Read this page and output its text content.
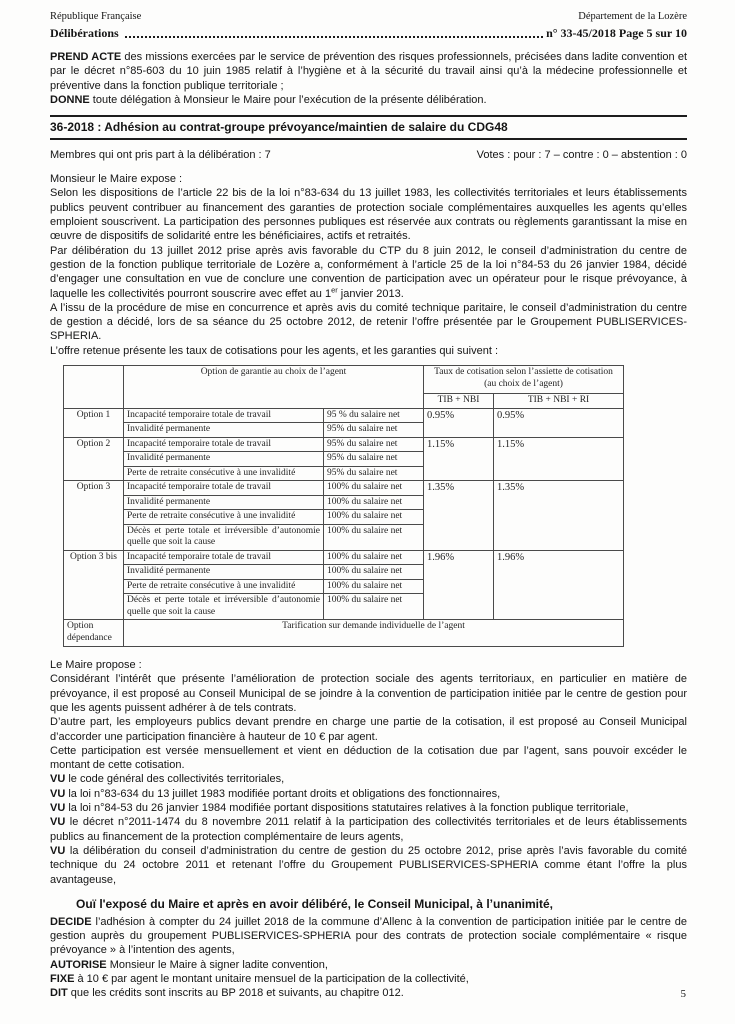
République Française	Département de la Lozère
Délibérations	n° 33-45/2018 Page 5 sur 10
PREND ACTE des missions exercées par le service de prévention des risques professionnels, précisées dans ladite convention et par le décret n°85-603 du 10 juin 1985 relatif à l’hygiène et à la sécurité du travail ainsi qu’à la médecine professionnelle et préventive dans la fonction publique territoriale ;
DONNE toute délégation à Monsieur le Maire pour l’exécution de la présente délibération.
36-2018 : Adhésion au contrat-groupe prévoyance/maintien de salaire du CDG48
Membres qui ont pris part à la délibération : 7	Votes : pour : 7 – contre : 0 – abstention : 0
Monsieur le Maire expose :
Selon les dispositions de l’article 22 bis de la loi n°83-634 du 13 juillet 1983, les collectivités territoriales et leurs établissements publics peuvent contribuer au financement des garanties de protection sociale complémentaires auxquelles les agents qu’elles emploient souscrivent. La participation des personnes publiques est réservée aux contrats ou règlements garantissant la mise en œuvre de dispositifs de solidarité entre les bénéficiaires, actifs et retraités.
Par délibération du 13 juillet 2012 prise après avis favorable du CTP du 8 juin 2012, le conseil d’administration du centre de gestion de la fonction publique territoriale de Lozère a, conformément à l’article 25 de la loi n°84-53 du 26 janvier 1984, décidé d’engager une consultation en vue de conclure une convention de participation avec un opérateur pour le risque prévoyance, à laquelle les collectivités pourront souscrire avec effet au 1er janvier 2013.
A l’issu de la procédure de mise en concurrence et après avis du comité technique paritaire, le conseil d’administration du centre de gestion a décidé, lors de sa séance du 25 octobre 2012, de retenir l’offre présentée par le Groupement PUBLISERVICES-SPHERIA.
L’offre retenue présente les taux de cotisations pour les agents, et les garanties qui suivent :
	Option de garantie au choix de l’agent		Taux de cotisation selon l’assiette de cotisation (au choix de l’agent)	
			TIB + NBI	TIB + NBI + RI
Option 1	Incapacité temporaire totale de travail	95 % du salaire net	0.95%	0.95%
	Invalidité permanente	95% du salaire net		
Option 2	Incapacité temporaire totale de travail	95% du salaire net	1.15%	1.15%
	Invalidité permanente	95% du salaire net		
	Perte de retraite consécutive à une invalidité	95% du salaire net		
Option 3	Incapacité temporaire totale de travail	100% du salaire net	1.35%	1.35%
	Invalidité permanente	100% du salaire net		
	Perte de retraite consécutive à une invalidité	100% du salaire net		
	Décès et perte totale et irréversible d’autonomie quelle que soit la cause	100% du salaire net		
Option 3 bis	Incapacité temporaire totale de travail	100% du salaire net	1.96%	1.96%
	Invalidité permanente	100% du salaire net		
	Perte de retraite consécutive à une invalidité	100% du salaire net		
	Décès et perte totale et irréversible d’autonomie quelle que soit la cause	100% du salaire net		
Option dépendance	Tarification sur demande individuelle de l’agent			
Le Maire propose :
Considérant l’intérêt que présente l’amélioration de protection sociale des agents territoriaux, en particulier en matière de prévoyance, il est proposé au Conseil Municipal de se joindre à la convention de participation initiée par le centre de gestion pour que les agents puissent adhérer à de tels contrats.
D’autre part, les employeurs publics devant prendre en charge une partie de la cotisation, il est proposé au Conseil Municipal d’accorder une participation financière à hauteur de 10 € par agent.
Cette participation est versée mensuellement et vient en déduction de la cotisation due par l’agent, sans pouvoir excéder le montant de cette cotisation.
VU le code général des collectivités territoriales,
VU la loi n°83-634 du 13 juillet 1983 modifiée portant droits et obligations des fonctionnaires,
VU la loi n°84-53 du 26 janvier 1984 modifiée portant dispositions statutaires relatives à la fonction publique territoriale,
VU le décret n°2011-1474 du 8 novembre 2011 relatif à la participation des collectivités territoriales et de leurs établissements publics au financement de la protection complémentaire de leurs agents,
VU la délibération du conseil d’administration du centre de gestion du 25 octobre 2012, prise après l’avis favorable du comité technique du 24 octobre 2011 et retenant l’offre du Groupement PUBLISERVICES-SPHERIA comme étant l’offre la plus avantageuse,
Ouï l'exposé du Maire et après en avoir délibéré, le Conseil Municipal, à l’unanimité,
DECIDE l’adhésion à compter du 24 juillet 2018 de la commune d’Allenc à la convention de participation initiée par le centre de gestion auprès du groupement PUBLISERVICES-SPHERIA pour des contrats de protection sociale complémentaire « risque prévoyance » à l’intention des agents,
AUTORISE Monsieur le Maire à signer ladite convention,
FIXE à 10 € par agent le montant unitaire mensuel de la participation de la collectivité,
DIT que les crédits sont inscrits au BP 2018 et suivants, au chapitre 012.	5
